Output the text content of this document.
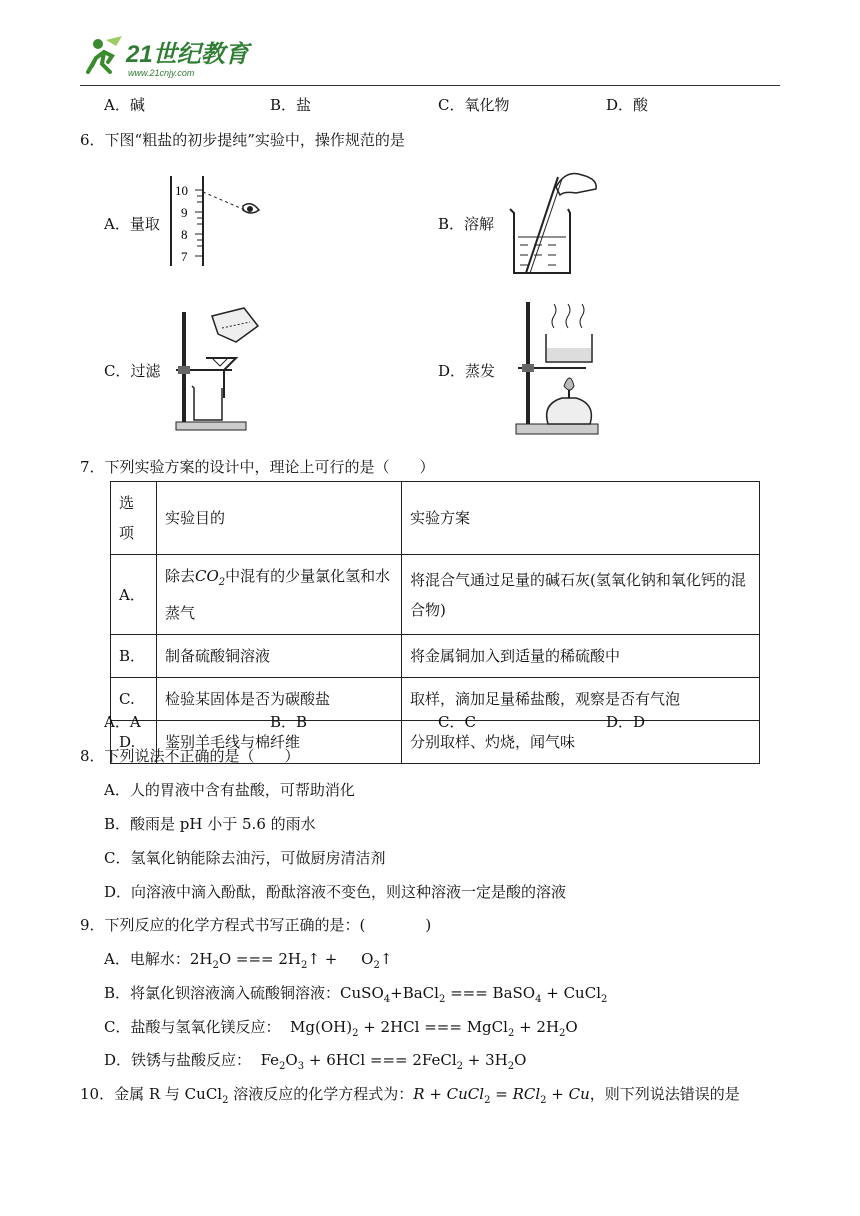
21世纪教育
www.21cnjy.com
A．碱	B．盐	C．氧化物	D．酸
6．下图“粗盐的初步提纯”实验中，操作规范的是
A．量取
10
9
8
7
B．溶解
C．过滤	D．蒸发
7．下列实验方案的设计中，理论上可行的是（　　）
选项	实验目的	实验方案
A．	除去$CO_2$中混有的少量氯化氢和水蒸气	将混合气通过足量的碱石灰(氢氧化钠和氧化钙的混合物)
B．	制备硫酸铜溶液	将金属铜加入到适量的稀硫酸中
C.	检验某固体是否为碳酸盐	取样，滴加足量稀盐酸，观察是否有气泡
D.	鉴别羊毛线与棉纤维	分别取样、灼烧，闻气味
A．A	B．B	C．C	D．D
8．下列说法不正确的是（　　）
A．人的胃液中含有盐酸，可帮助消化
B．酸雨是 pH 小于 5.6 的雨水
C．氢氧化钠能除去油污，可做厨房清洁剂
D．向溶液中滴入酚酞，酚酞溶液不变色，则这种溶液一定是酸的溶液
9．下列反应的化学方程式书写正确的是：(　　　　)
A．电解水：$2H_2O$ === $2H_2↑$ +     $O_2↑$
B．将氯化钡溶液滴入硫酸铜溶液：CuSO$_4$+BaCl$_2$ === BaSO$_4$ + CuCl$_2$
C．盐酸与氢氧化镁反应：  $Mg(OH)_2 + 2HCl$ === MgCl$_2$ + $2H_2O$
D．铁锈与盐酸反应：  $Fe_2O_3 + 6HCl$ === 2FeCl$_2$ + $3H_2O$
10．金属 R 与 CuCl$_2$ 溶液反应的化学方程式为：R + CuCl$_2$ = RCl$_2$ + Cu，则下列说法错误的是
